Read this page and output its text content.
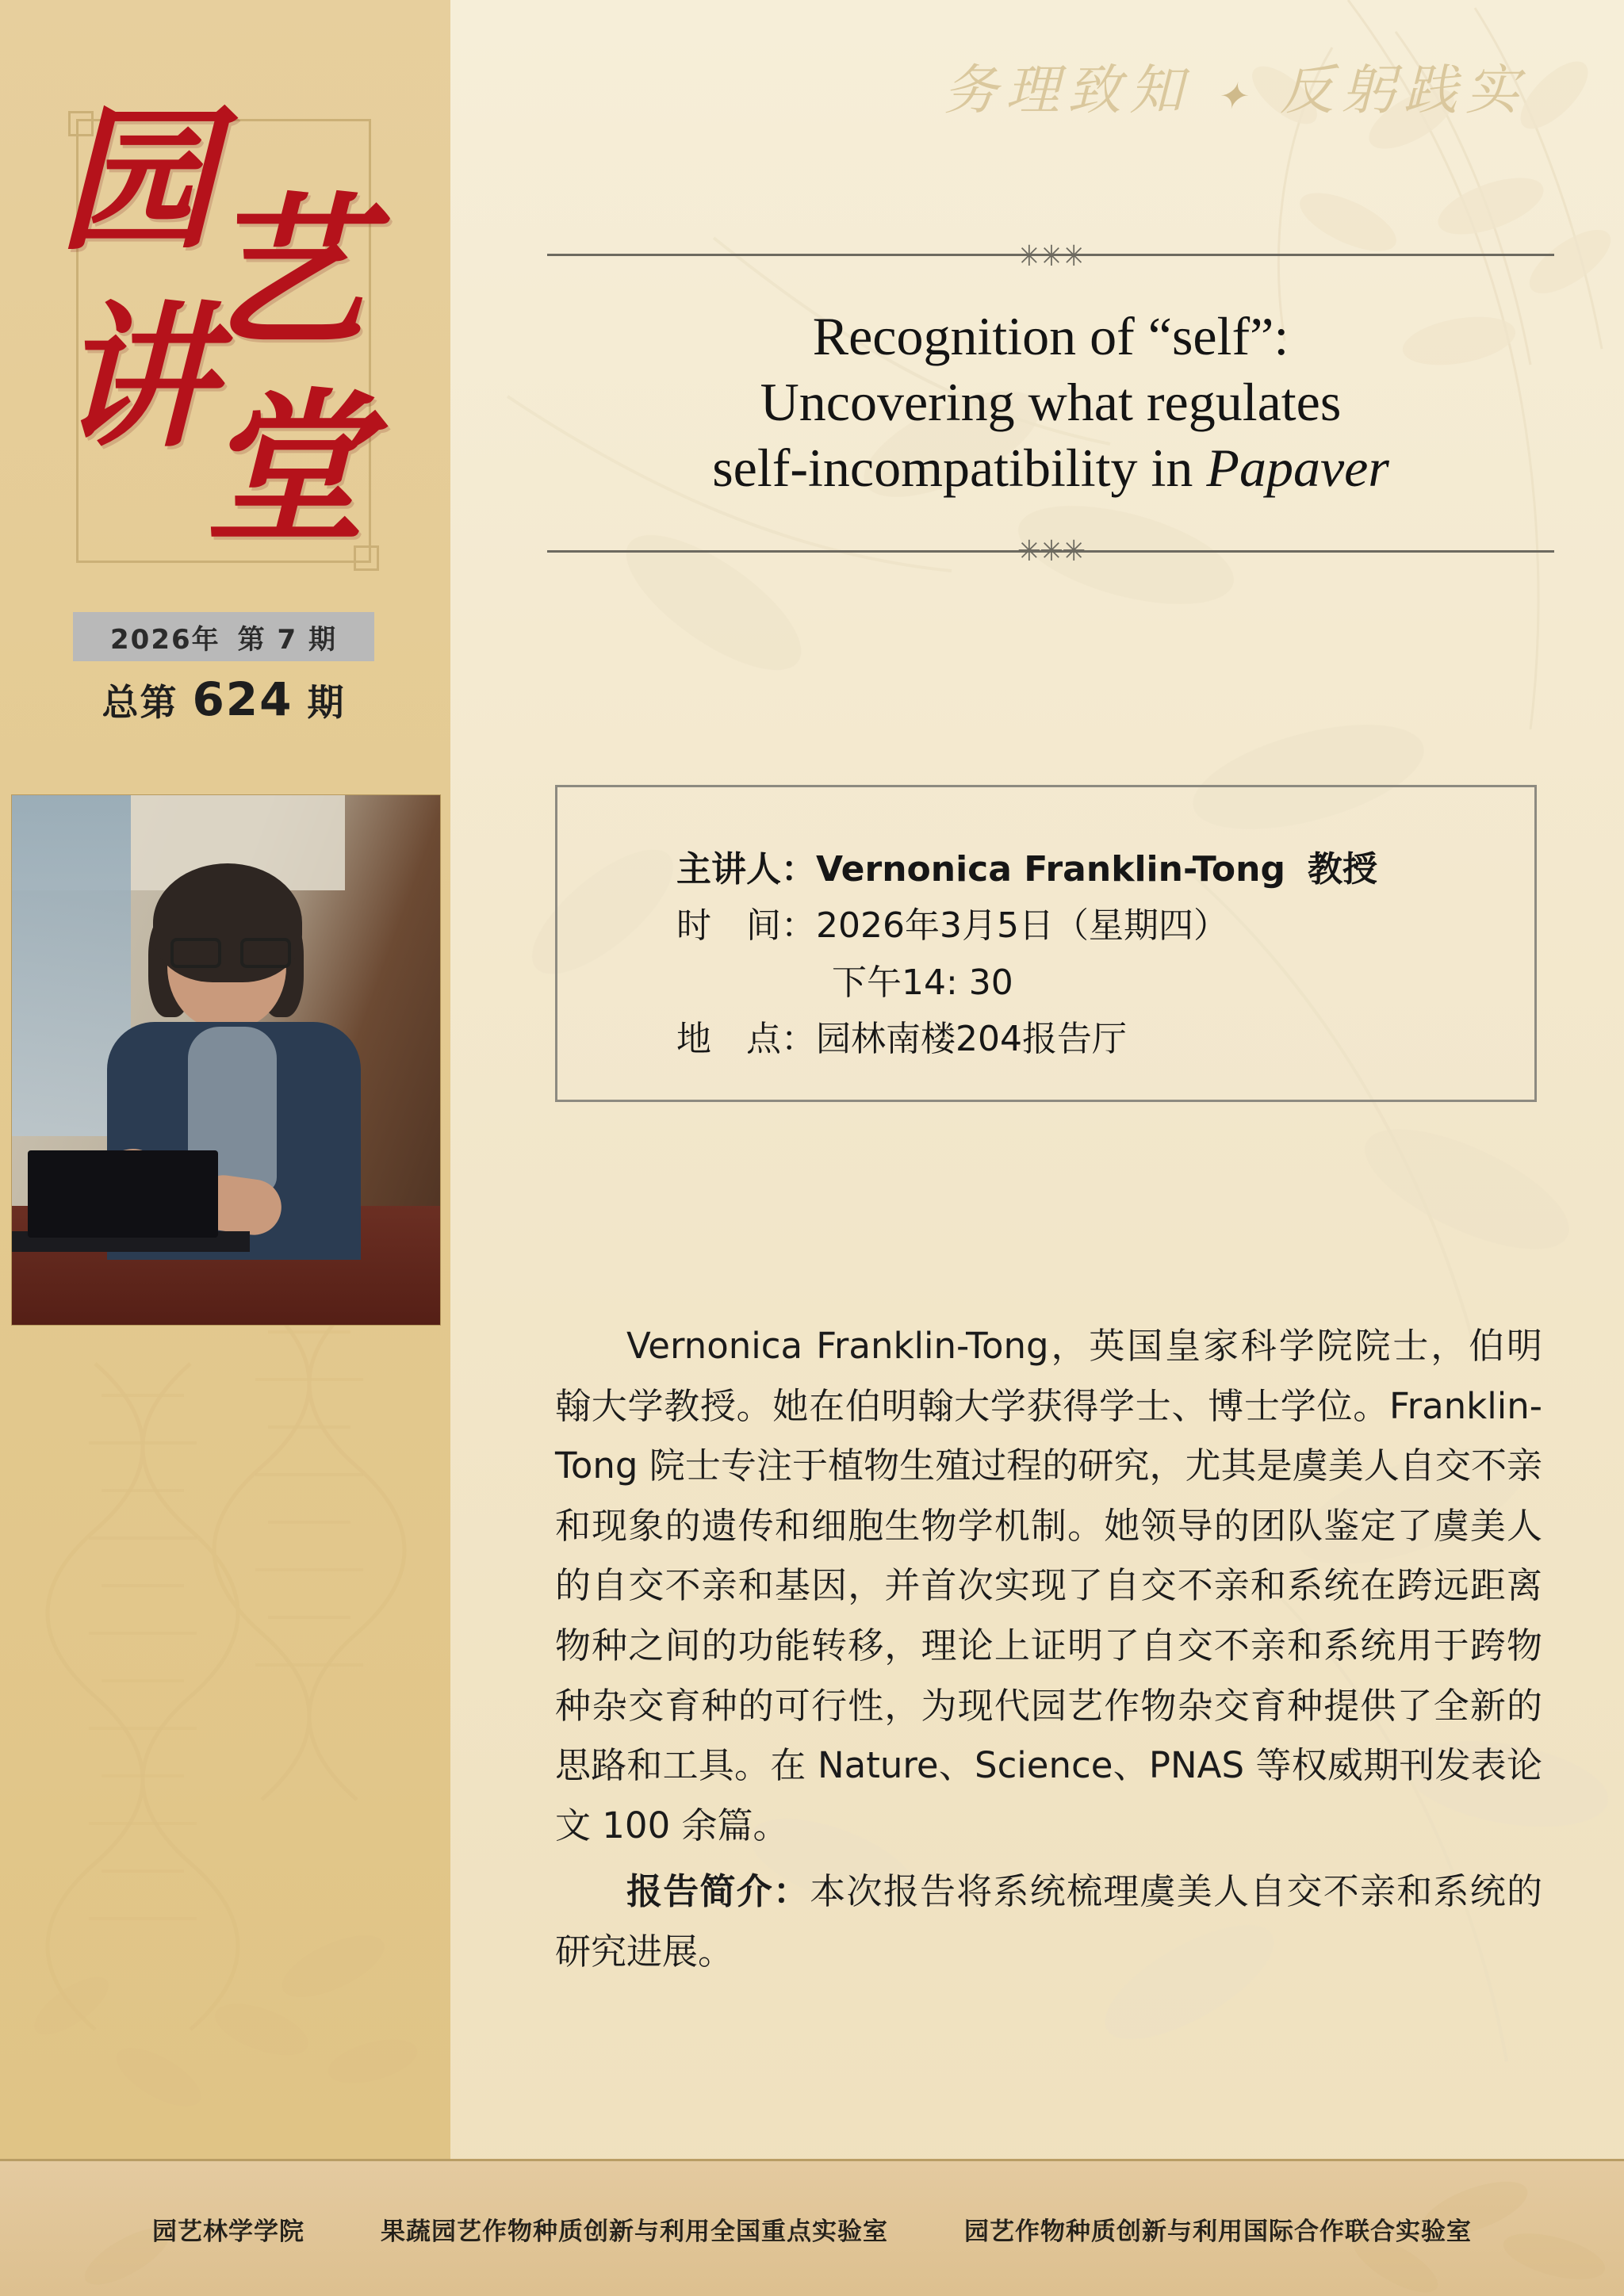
园
艺
讲
堂
2026年 第 7 期
总第 624 期
务理致知 ✦ 反躬践实
✳✳✳
Recognition of “self”:
Uncovering what regulates
self-incompatibility in Papaver
✳✳✳
主讲人：Vernonica Franklin-Tong 教授
时　间：2026年3月5日（星期四）
下午14: 30
地　点：园林南楼204报告厅

Vernonica Franklin-Tong，英国皇家科学院院士，伯明翰大学教授。她在伯明翰大学获得学士、博士学位。Franklin-Tong 院士专注于植物生殖过程的研究，尤其是虞美人自交不亲和现象的遗传和细胞生物学机制。她领导的团队鉴定了虞美人的自交不亲和基因，并首次实现了自交不亲和系统在跨远距离物种之间的功能转移，理论上证明了自交不亲和系统用于跨物种杂交育种的可行性，为现代园艺作物杂交育种提供了全新的思路和工具。在 Nature、Science、PNAS 等权威期刊发表论文 100 余篇。

报告简介：本次报告将系统梳理虞美人自交不亲和系统的研究进展。

园艺林学学院	果蔬园艺作物种质创新与利用全国重点实验室	园艺作物种质创新与利用国际合作联合实验室
